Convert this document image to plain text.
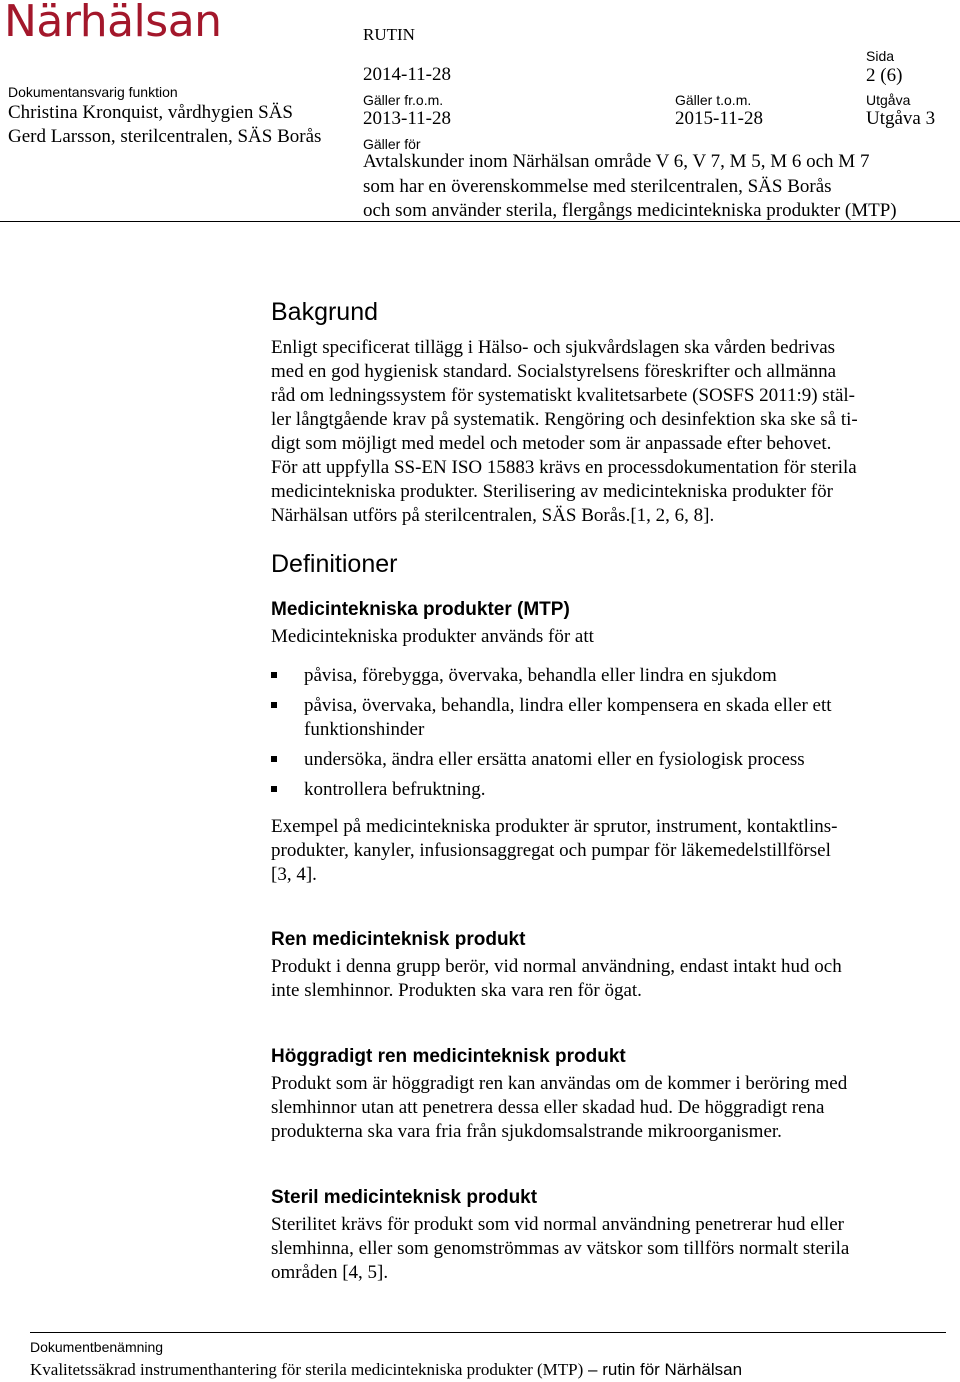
Närhälsan	RUTIN
Dokumentansvarig funktion
Christina Kronquist, vårdhygien SÄS
Gerd Larsson, sterilcentralen, SÄS Borås
2014-11-28
Sida
2 (6)
Gäller fr.o.m.
2013-11-28
Gäller t.o.m.
2015-11-28
Utgåva
Utgåva 3
Gäller för
Avtalskunder inom Närhälsan område V 6, V 7, M 5, M 6 och M 7
som har en överenskommelse med sterilcentralen, SÄS Borås
och som använder sterila, flergångs medicintekniska produkter (MTP)
Bakgrund
Enligt specificerat tillägg i Hälso- och sjukvårdslagen ska vården bedrivas
med en god hygienisk standard. Socialstyrelsens föreskrifter och allmänna
råd om ledningssystem för systematiskt kvalitetsarbete (SOSFS 2011:9) stäl-
ler långtgående krav på systematik. Rengöring och desinfektion ska ske så ti-
digt som möjligt med medel och metoder som är anpassade efter behovet.
För att uppfylla SS-EN ISO 15883 krävs en processdokumentation för sterila
medicintekniska produkter. Sterilisering av medicintekniska produkter för
Närhälsan utförs på sterilcentralen, SÄS Borås.[1, 2, 6, 8].
Definitioner
Medicintekniska produkter (MTP)
Medicintekniska produkter används för att
påvisa, förebygga, övervaka, behandla eller lindra en sjukdom
påvisa, övervaka, behandla, lindra eller kompensera en skada eller ett
funktionshinder
undersöka, ändra eller ersätta anatomi eller en fysiologisk process
kontrollera befruktning.
Exempel på medicintekniska produkter är sprutor, instrument, kontaktlins-
produkter, kanyler, infusionsaggregat och pumpar för läkemedelstillförsel
[3, 4].
Ren medicinteknisk produkt
Produkt i denna grupp berör, vid normal användning, endast intakt hud och
inte slemhinnor. Produkten ska vara ren för ögat.
Höggradigt ren medicinteknisk produkt
Produkt som är höggradigt ren kan användas om de kommer i beröring med
slemhinnor utan att penetrera dessa eller skadad hud. De höggradigt rena
produkterna ska vara fria från sjukdomsalstrande mikroorganismer.
Steril medicinteknisk produkt
Sterilitet krävs för produkt som vid normal användning penetrerar hud eller
slemhinna, eller som genomströmmas av vätskor som tillförs normalt sterila
områden [4, 5].
Dokumentbenämning
Kvalitetssäkrad instrumenthantering för sterila medicintekniska produkter (MTP) – rutin för Närhälsan
